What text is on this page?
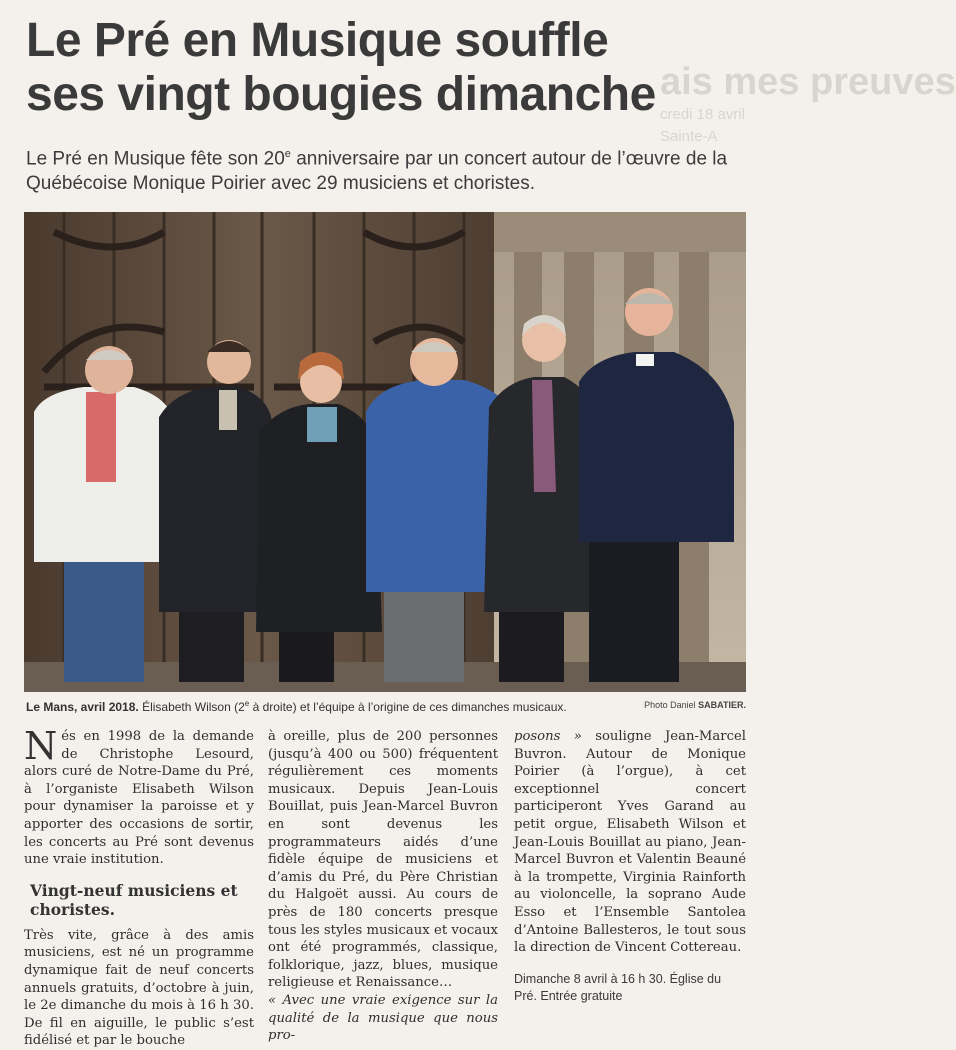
ais mes preuves
credi 18 avril
Sainte-A
Le Pré en Musique souffle
ses vingt bougies dimanche

Le Pré en Musique fête son 20e anniversaire par un concert autour de l’œuvre de la Québécoise Monique Poirier avec 29 musiciens et choristes.

Le Mans, avril 2018. Élisabeth Wilson (2e à droite) et l’équipe à l’origine de ces dimanches musicaux.	Photo Daniel SABATIER.

Nés en 1998 de la demande de Christophe Lesourd, alors curé de Notre-Dame du Pré, à l’organiste Elisabeth Wilson pour dynamiser la paroisse et y apporter des occasions de sortir, les concerts au Pré sont devenus une vraie institution.

Vingt-neuf musiciens et choristes.

Très vite, grâce à des amis musiciens, est né un programme dynamique fait de neuf concerts annuels gratuits, d’octobre à juin, le 2e dimanche du mois à 16 h 30. De fil en aiguille, le public s’est fidélisé et par le bouche

à oreille, plus de 200 personnes (jusqu’à 400 ou 500) fréquentent régulièrement ces moments musicaux. Depuis Jean-Louis Bouillat, puis Jean-Marcel Buvron en sont devenus les programmateurs aidés d’une fidèle équipe de musiciens et d’amis du Pré, du Père Christian du Halgoët aussi. Au cours de près de 180 concerts presque tous les styles musicaux et vocaux ont été programmés, classique, folklorique, jazz, blues, musique religieuse et Renaissance…

« Avec une vraie exigence sur la qualité de la musique que nous pro-

posons » souligne Jean-Marcel Buvron. Autour de Monique Poirier (à l’orgue), à cet exceptionnel concert participeront Yves Garand au petit orgue, Elisabeth Wilson et Jean-Louis Bouillat au piano, Jean-Marcel Buvron et Valentin Beauné à la trompette, Virginia Rainforth au violoncelle, la soprano Aude Esso et l’Ensemble Santolea d’Antoine Ballesteros, le tout sous la direction de Vincent Cottereau.

Dimanche 8 avril à 16 h 30. Église du Pré. Entrée gratuite
